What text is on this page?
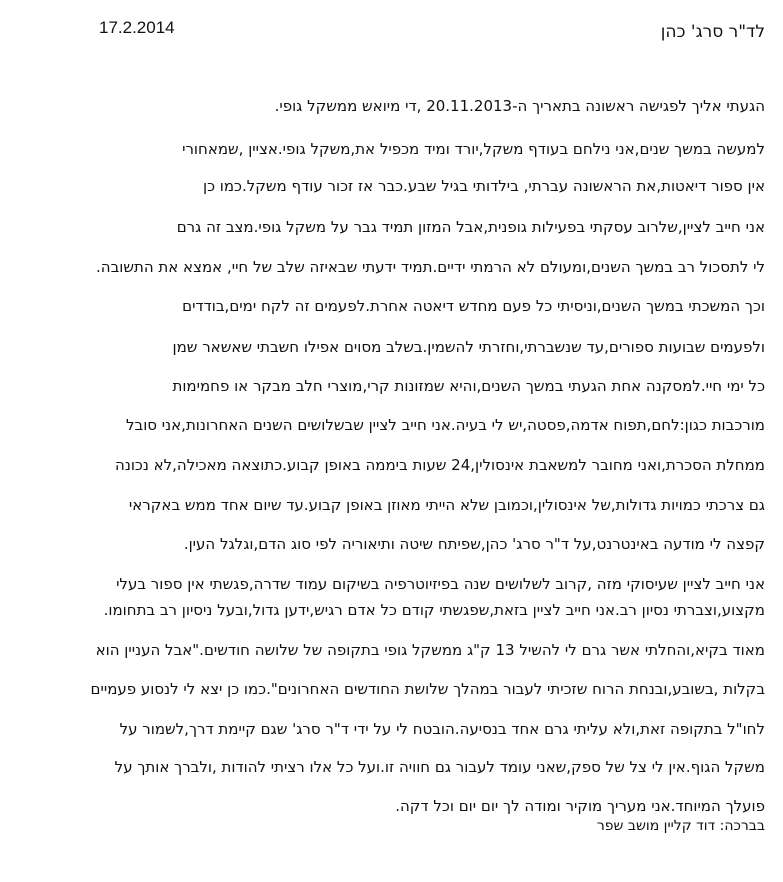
17.2.2014	לד"ר סרג' כהן
הגעתי אליך לפגישה ראשונה בתאריך ה-20.11.2013 ,די מיואש ממשקל גופי.
למעשה במשך שנים,אני נילחם בעודף משקל,יורד ומיד מכפיל את,משקל גופי.אציין ,שמאחורי
אין ספור דיאטות,את הראשונה עברתי, בילדותי בגיל שבע.כבר אז זכור עודף משקל.כמו כן
אני חייב לציין,שלרוב עסקתי בפעילות גופנית,אבל המזון תמיד גבר על משקל גופי.מצב זה גרם
לי לתסכול רב במשך השנים,ומעולם לא הרמתי ידיים.תמיד ידעתי שבאיזה שלב של חיי, אמצא את התשובה.
וכך המשכתי במשך השנים,וניסיתי כל פעם מחדש דיאטה אחרת.לפעמים זה לקח ימים,בודדים
ולפעמים שבועות ספורים,עד שנשברתי,וחזרתי להשמין.בשלב מסוים אפילו חשבתי שאשאר שמן
כל ימי חיי.למסקנה אחת הגעתי במשך השנים,והיא שמזונות קרי,מוצרי חלב מבקר או פחמימות
מורכבות כגון:לחם,תפוח אדמה,פסטה,יש לי בעיה.אני חייב לציין שבשלושים השנים האחרונות,אני סובל
ממחלת הסכרת,ואני מחובר למשאבת אינסולין,24 שעות ביממה באופן קבוע.כתוצאה מאכילה,לא נכונה
גם צרכתי כמויות גדולות,של אינסולין,וכמובן שלא הייתי מאוזן באופן קבוע.עד שיום אחד ממש באקראי
קפצה לי מודעה באינטרנט,על ד"ר סרג' כהן,שפיתח שיטה ותיאוריה לפי סוג הדם,וגלגל העין.
אני חייב לציין שעיסוקי מזה ,קרוב לשלושים שנה בפיזיוטרפיה בשיקום עמוד שדרה,פגשתי אין ספור בעלי
מקצוע,וצברתי נסיון רב.אני חייב לציין בזאת,שפגשתי קודם כל אדם רגיש,ידען גדול,ובעל ניסיון רב בתחומו.
מאוד בקיא,והחלתי אשר גרם לי להשיל 13 ק"ג ממשקל גופי בתקופה של שלושה חודשים."אבל העניין הוא
בקלות ,בשובע,ובנחת הרוח שזכיתי לעבור במהלך שלושת החודשים האחרונים".כמו כן יצא לי לנסוע פעמיים
לחו"ל בתקופה זאת,ולא עליתי גרם אחד בנסיעה.הובטח לי על ידי ד"ר סרג' שגם קיימת דרך,לשמור על
משקל הגוף.אין לי צל של ספק,שאני עומד לעבור גם חוויה זו.ועל כל אלו רציתי להודות ,ולברך אותך על
פועלך המיוחד.אני מעריך מוקיר ומודה לך יום יום וכל דקה.
בברכה: דוד קליין מושב שפר
